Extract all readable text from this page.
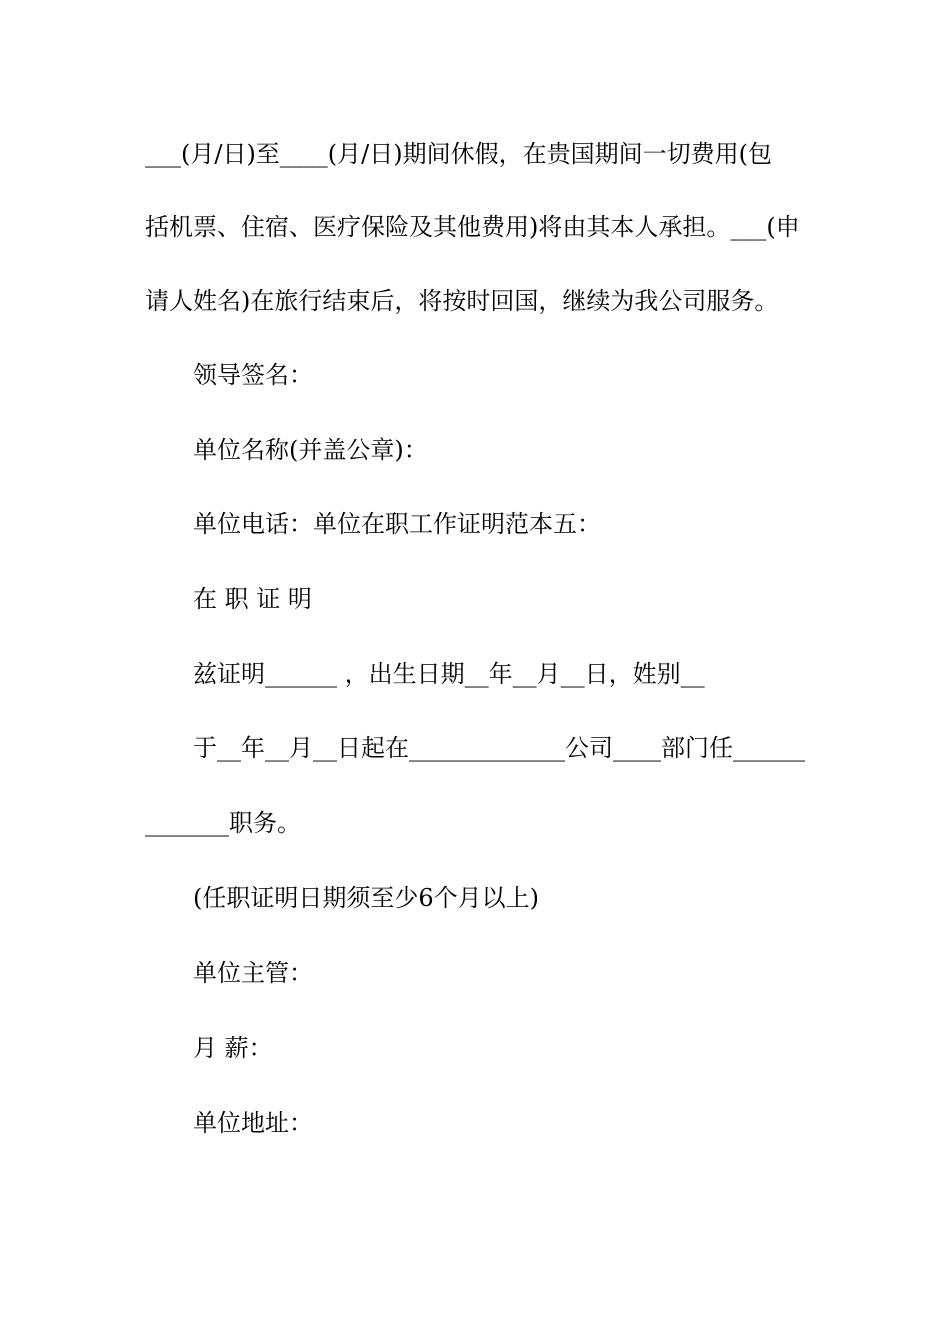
___(月/日)至____(月/日)期间休假，在贵国期间一切费用(包
括机票、住宿、医疗保险及其他费用)将由其本人承担。___(申
请人姓名)在旅行结束后，将按时回国，继续为我公司服务。
领导签名：
单位名称(并盖公章)：
单位电话：单位在职工作证明范本五：
在 职 证 明
兹证明______ ，出生日期__年__月__日，姓别__
于__年__月__日起在_____________公司____部门任______
_______职务。
(任职证明日期须至少6个月以上)
单位主管：
月 薪：
单位地址：
